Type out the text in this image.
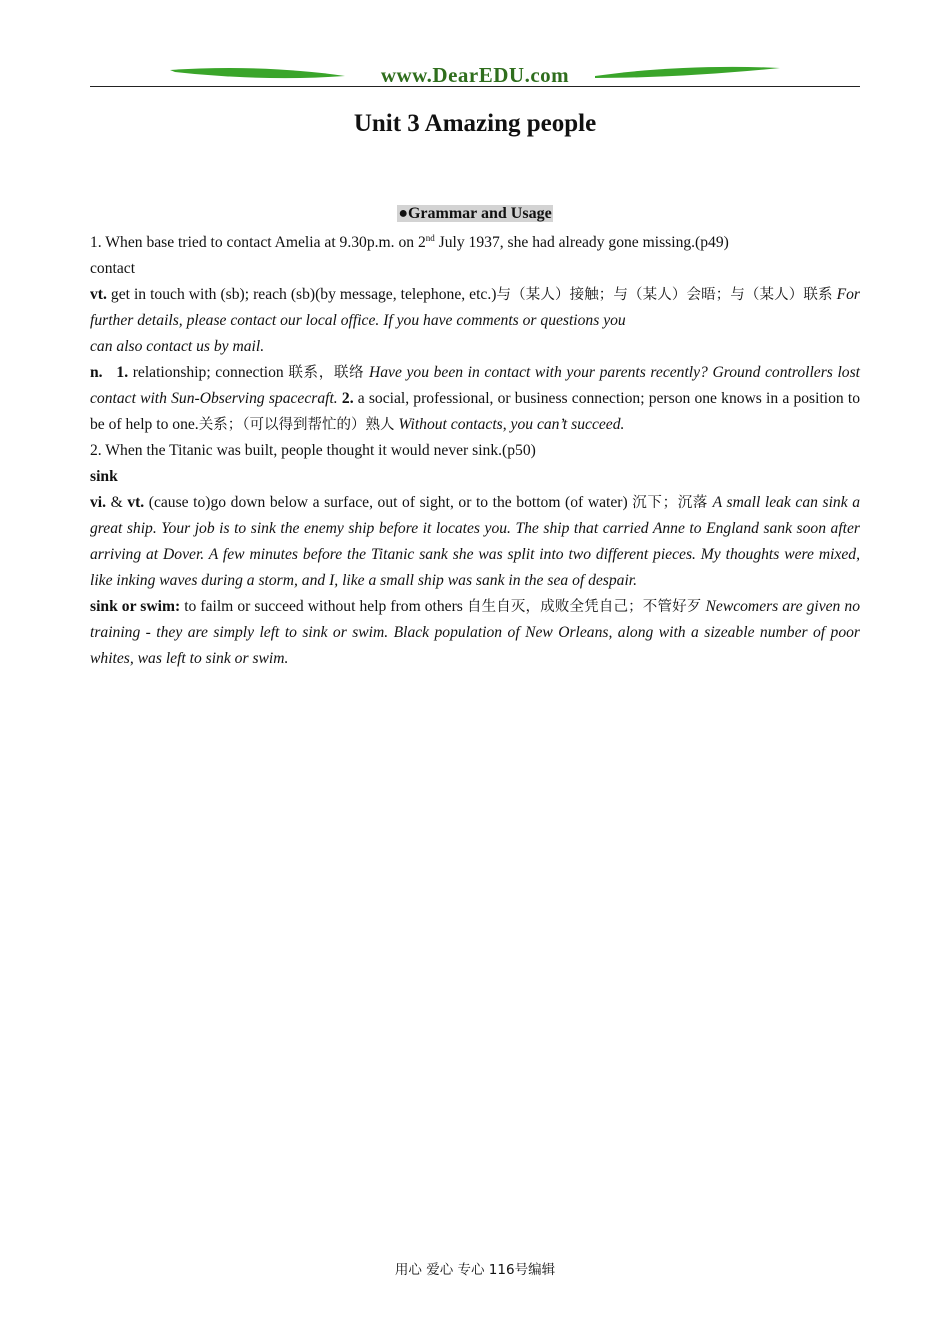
www.DearEDU.com
Unit 3 Amazing people
●Grammar and Usage

1. When base tried to contact Amelia at 9.30p.m. on 2nd July 1937, she had already gone missing.(p49)

contact

vt. get in touch with (sb); reach (sb)(by message, telephone, etc.)与（某人）接触；与（某人）会晤；与（某人）联系 For further details, please contact our local office. If you have comments or questions you

can also contact us by mail.

n. 1. relationship; connection 联系，联络 Have you been in contact with your parents recently? Ground controllers lost contact with Sun-Observing spacecraft. 2. a social, professional, or business connection; person one knows in a position to be of help to one.关系；（可以得到帮忙的）熟人 Without contacts, you can’t succeed.

2. When the Titanic was built, people thought it would never sink.(p50)

sink

vi. & vt. (cause to)go down below a surface, out of sight, or to the bottom (of water) 沉下；沉落 A small leak can sink a great ship. Your job is to sink the enemy ship before it locates you. The ship that carried Anne to England sank soon after arriving at Dover. A few minutes before the Titanic sank she was split into two different pieces. My thoughts were mixed, like inking waves during a storm, and I, like a small ship was sank in the sea of despair.

sink or swim: to failm or succeed without help from others 自生自灭，成败全凭自己；不管好歹 Newcomers are given no training - they are simply left to sink or swim. Black population of New Orleans, along with a sizeable number of poor whites, was left to sink or swim.

用心 爱心 专心 116号编辑
